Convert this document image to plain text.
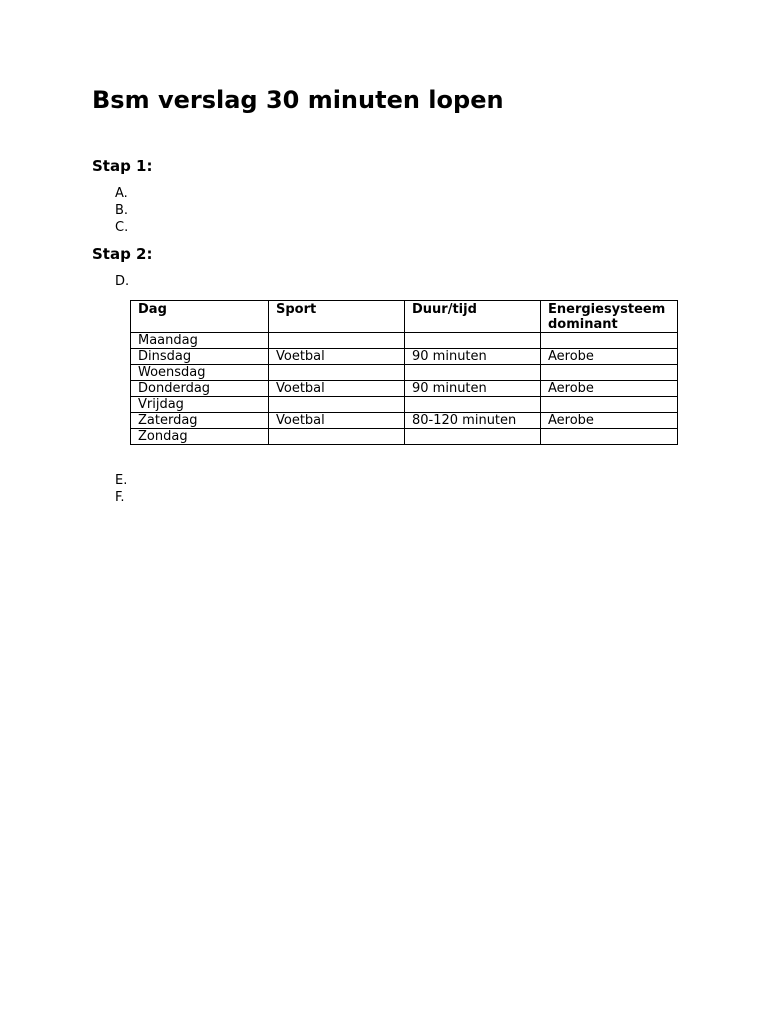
Bsm verslag 30 minuten lopen
Stap 1:
A.
B.
C.
Stap 2:
D.
Dag	Sport	Duur/tijd	Energiesysteem dominant
Maandag			
Dinsdag	Voetbal	90 minuten	Aerobe
Woensdag			
Donderdag	Voetbal	90 minuten	Aerobe
Vrijdag			
Zaterdag	Voetbal	80-120 minuten	Aerobe
Zondag			
E.
F.
